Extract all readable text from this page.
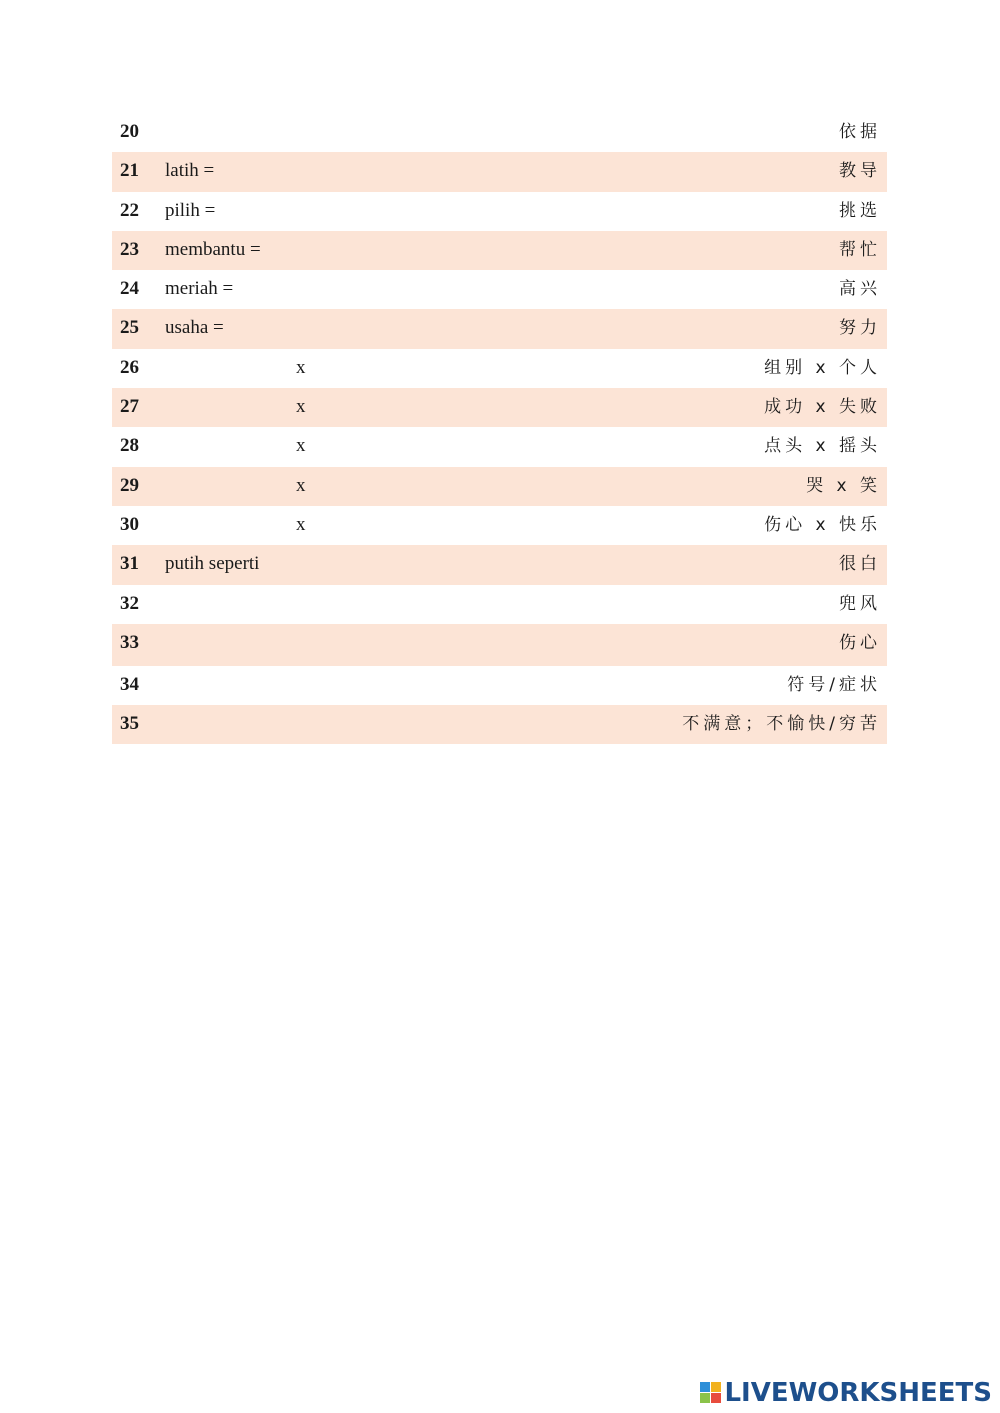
20	依据
21 latih =	教导
22 pilih =	挑选
23 membantu =	帮忙
24 meriah =	高兴
25 usaha =	努力
26	x	组别 x 个人
27	x	成功 x 失败
28	x	点头 x 摇头
29	x	哭 x 笑
30	x	伤心 x 快乐
31 putih seperti	很白
32	兜风
33	伤心
34	符号/症状
35	不满意；不愉快/穷苦
LIVEWORKSHEETS
